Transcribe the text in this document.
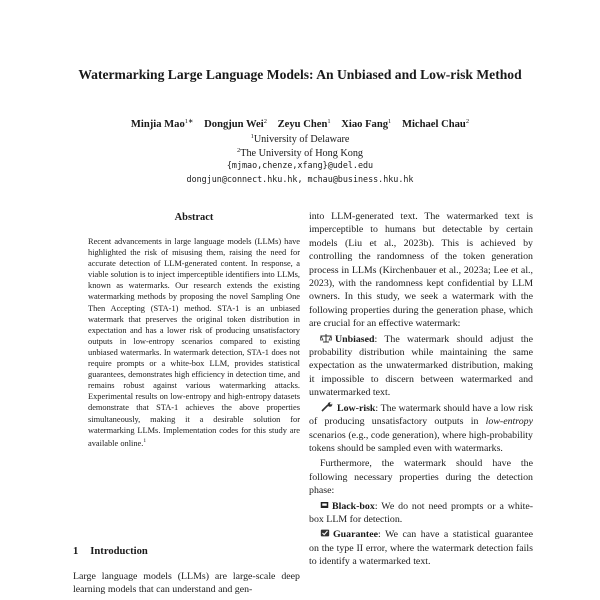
Watermarking Large Language Models: An Unbiased and Low-risk Method
Minjia Mao$^{1∗}$ Dongjun Wei$^2$ Zeyu Chen$^1$ Xiao Fang$^1$ Michael Chau$^2$
$^1$University of Delaware
$^2$The University of Hong Kong
{mjmao,chenze,xfang}@udel.edu
dongjun@connect.hku.hk, mchau@business.hku.hk
Abstract
Recent advancements in large language models (LLMs) have highlighted the risk of misusing them, raising the need for accurate detection of LLM-generated content. In response, a viable solution is to inject imperceptible identifiers into LLMs, known as watermarks. Our research extends the existing watermarking methods by proposing the novel Sampling One Then Accepting (STA-1) method. STA-1 is an unbiased watermark that preserves the original token distribution in expectation and has a lower risk of producing unsatisfactory outputs in low-entropy scenarios compared to existing unbiased watermarks. In watermark detection, STA-1 does not require prompts or a white-box LLM, provides statistical guarantees, demonstrates high efficiency in detection time, and remains robust against various watermarking attacks. Experimental results on low-entropy and high-entropy datasets demonstrate that STA-1 achieves the above properties simultaneously, making it a desirable solution for watermarking LLMs. Implementation codes for this study are available online.$^1$
1 Introduction
Large language models (LLMs) are large-scale deep learning models that can understand and gen-

into LLM-generated text. The watermarked text is imperceptible to humans but detectable by certain models (Liu et al., 2023b). This is achieved by controlling the randomness of the token generation process in LLMs (Kirchenbauer et al., 2023a; Lee et al., 2023), with the randomness kept confidential by LLM owners. In this study, we seek a watermark with the following properties during the generation phase, which are crucial for an effective watermark:

Unbiased: The watermark should adjust the probability distribution while maintaining the same expectation as the unwatermarked distribution, making it impossible to discern between watermarked and unwatermarked text.

Low-risk: The watermark should have a low risk of producing unsatisfactory outputs in low-entropy scenarios (e.g., code generation), where high-probability tokens should be sampled even with watermarks.

Furthermore, the watermark should have the following necessary properties during the detection phase:

Black-box: We do not need prompts or a white-box LLM for detection.

Guarantee: We can have a statistical guarantee on the type II error, where the watermark detection fails to identify a watermarked text.
